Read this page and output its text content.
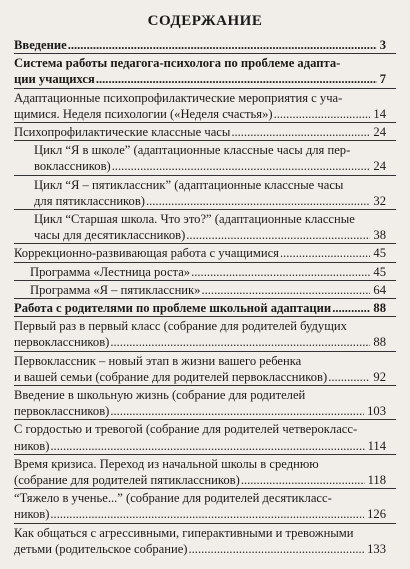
СОДЕРЖАНИЕ
Введение .....	3
Система работы педагога-психолога по проблеме адапта-
ции учащихся .....	7
Адаптационные психопрофилактические мероприятия с уча-
щимися. Неделя психологии («Неделя счастья») .....	14
Психопрофилактические классные часы .....	24
Цикл “Я в школе” (адаптационные классные часы для пер-
воклассников) .....	24
Цикл “Я – пятиклассник” (адаптационные классные часы
для пятиклассников) .....	32
Цикл “Старшая школа. Что это?” (адаптационные классные
часы для десятиклассников) .....	38
Коррекционно-развивающая работа с учащимися .....	45
Программа «Лестница роста» .....	45
Программа «Я – пятиклассник» .....	64
Работа с родителями по проблеме школьной адаптации .....	88
Первый раз в первый класс (собрание для родителей будущих
первоклассников) .....	88
Первоклассник – новый этап в жизни вашего ребенка
и вашей семьи (собрание для родителей первоклассников) .....	92
Введение в школьную жизнь (собрание для родителей
первоклассников) .....	103
С гордостью и тревогой (собрание для родителей четверокласс-
ников) .....	114
Время кризиса. Переход из начальной школы в среднюю
(собрание для родителей пятиклассников) .....	118
“Тяжело в ученье...” (собрание для родителей десятикласс-
ников) .....	126
Как общаться с агрессивными, гиперактивными и тревожными
детьми (родительское собрание) .....	133
